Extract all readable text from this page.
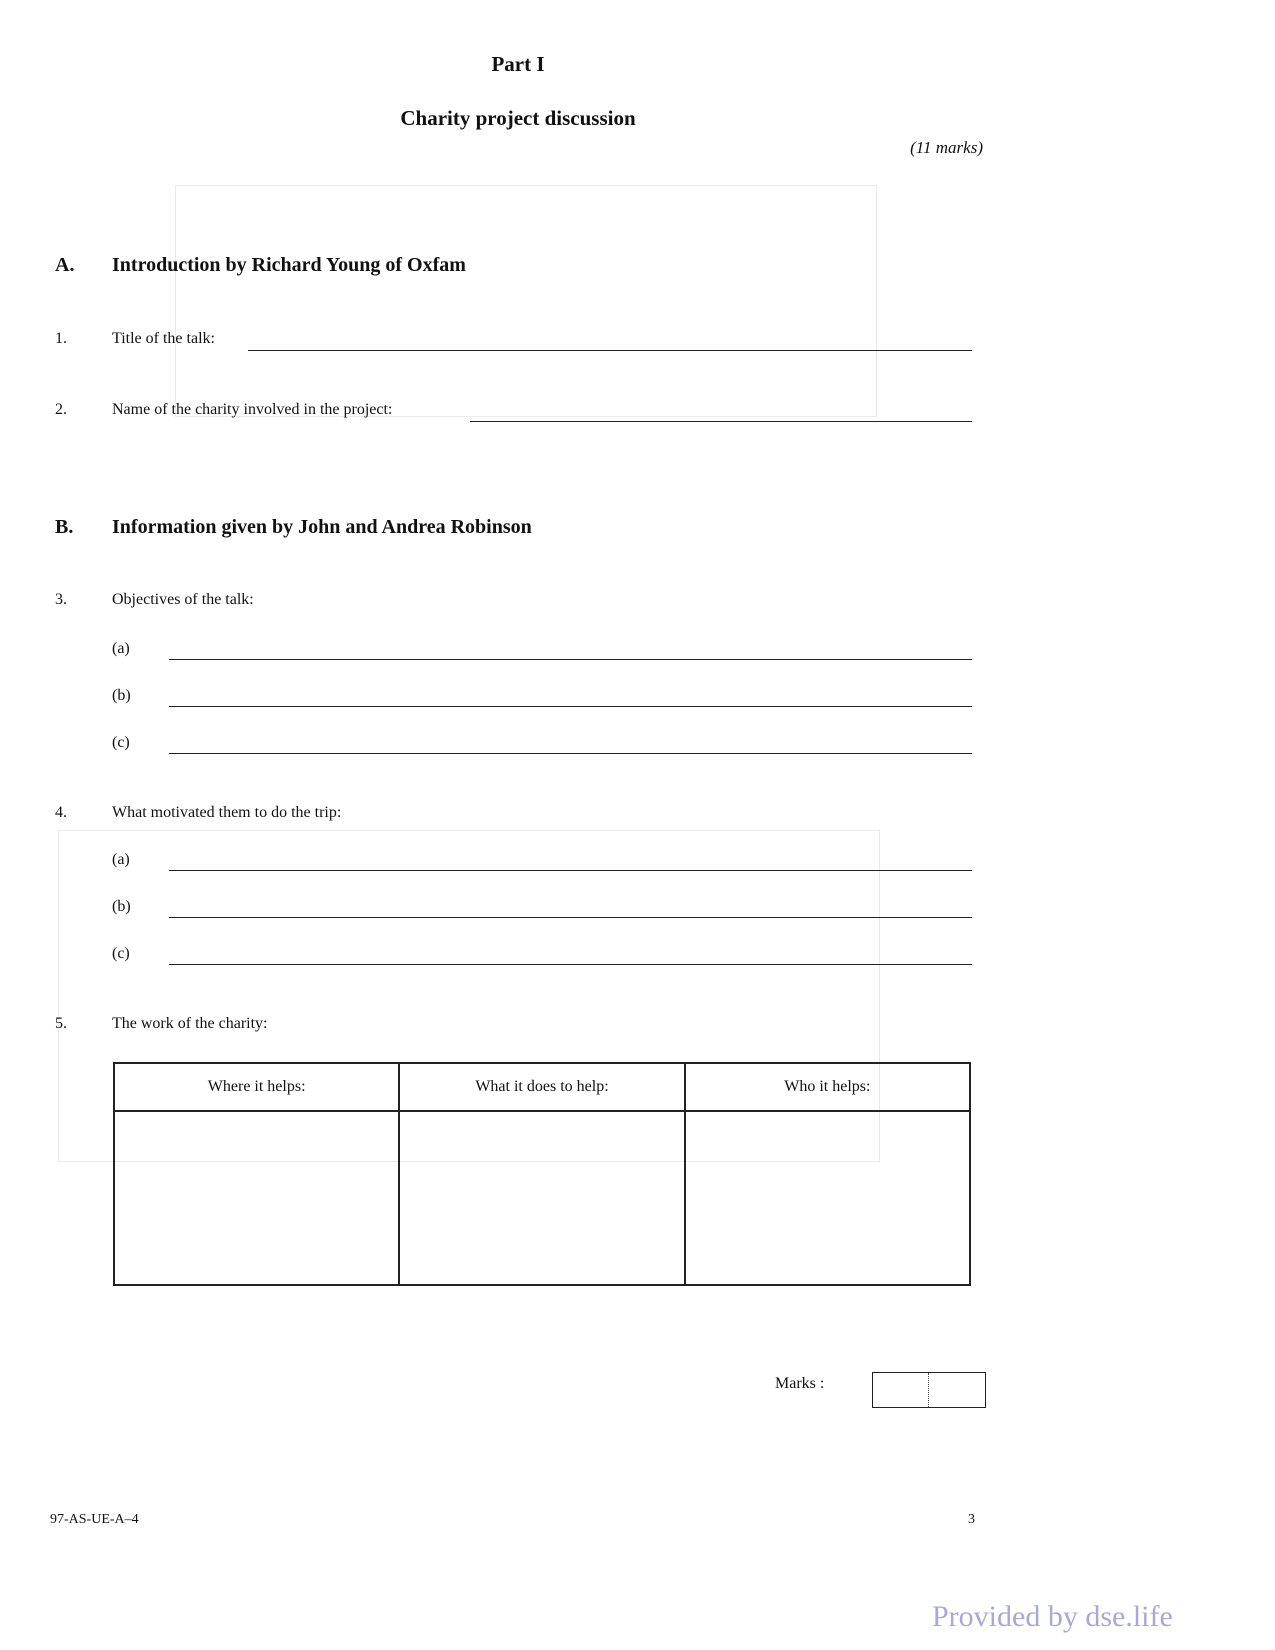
Part I
Charity project discussion
(11 marks)
A. Introduction by Richard Young of Oxfam
1.	Title of the talk:
2.	Name of the charity involved in the project:
B. Information given by John and Andrea Robinson
3.	Objectives of the talk:
(a)
(b)
(c)
4.	What motivated them to do the trip:
(a)
(b)
(c)
5.	The work of the charity:
Where it helps:	What it does to help:	Who it helps:

Marks :
97-AS-UE-A–4	3
Provided by dse.life
